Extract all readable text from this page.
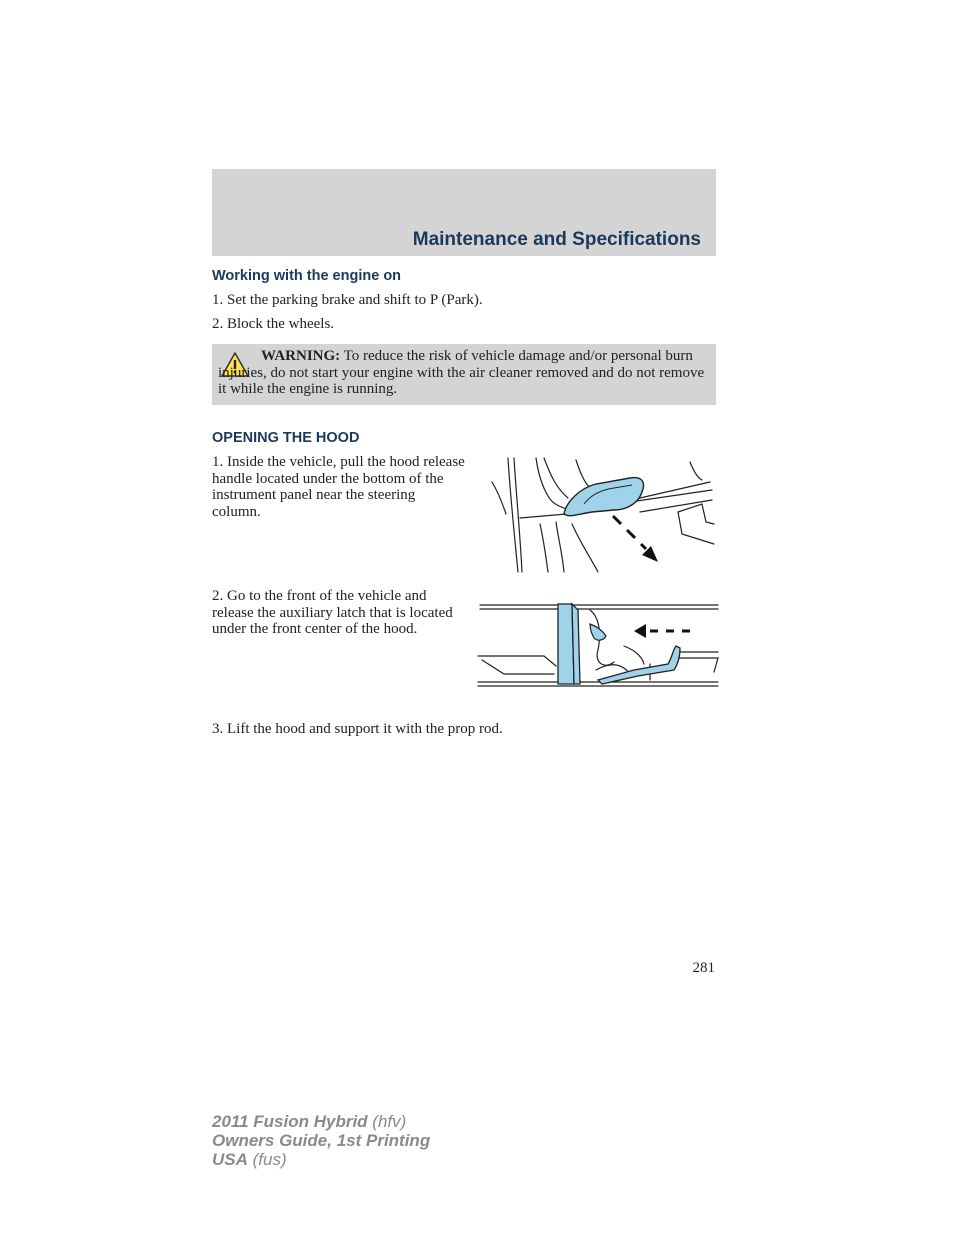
Maintenance and Specifications
Working with the engine on
1. Set the parking brake and shift to P (Park).
2. Block the wheels.
WARNING: To reduce the risk of vehicle damage and/or personal burn injuries, do not start your engine with the air cleaner removed and do not remove it while the engine is running.
OPENING THE HOOD
1. Inside the vehicle, pull the hood release handle located under the bottom of the instrument panel near the steering column.
2. Go to the front of the vehicle and release the auxiliary latch that is located under the front center of the hood.
3. Lift the hood and support it with the prop rod.
281
2011 Fusion Hybrid (hfv)
Owners Guide, 1st Printing
USA (fus)
